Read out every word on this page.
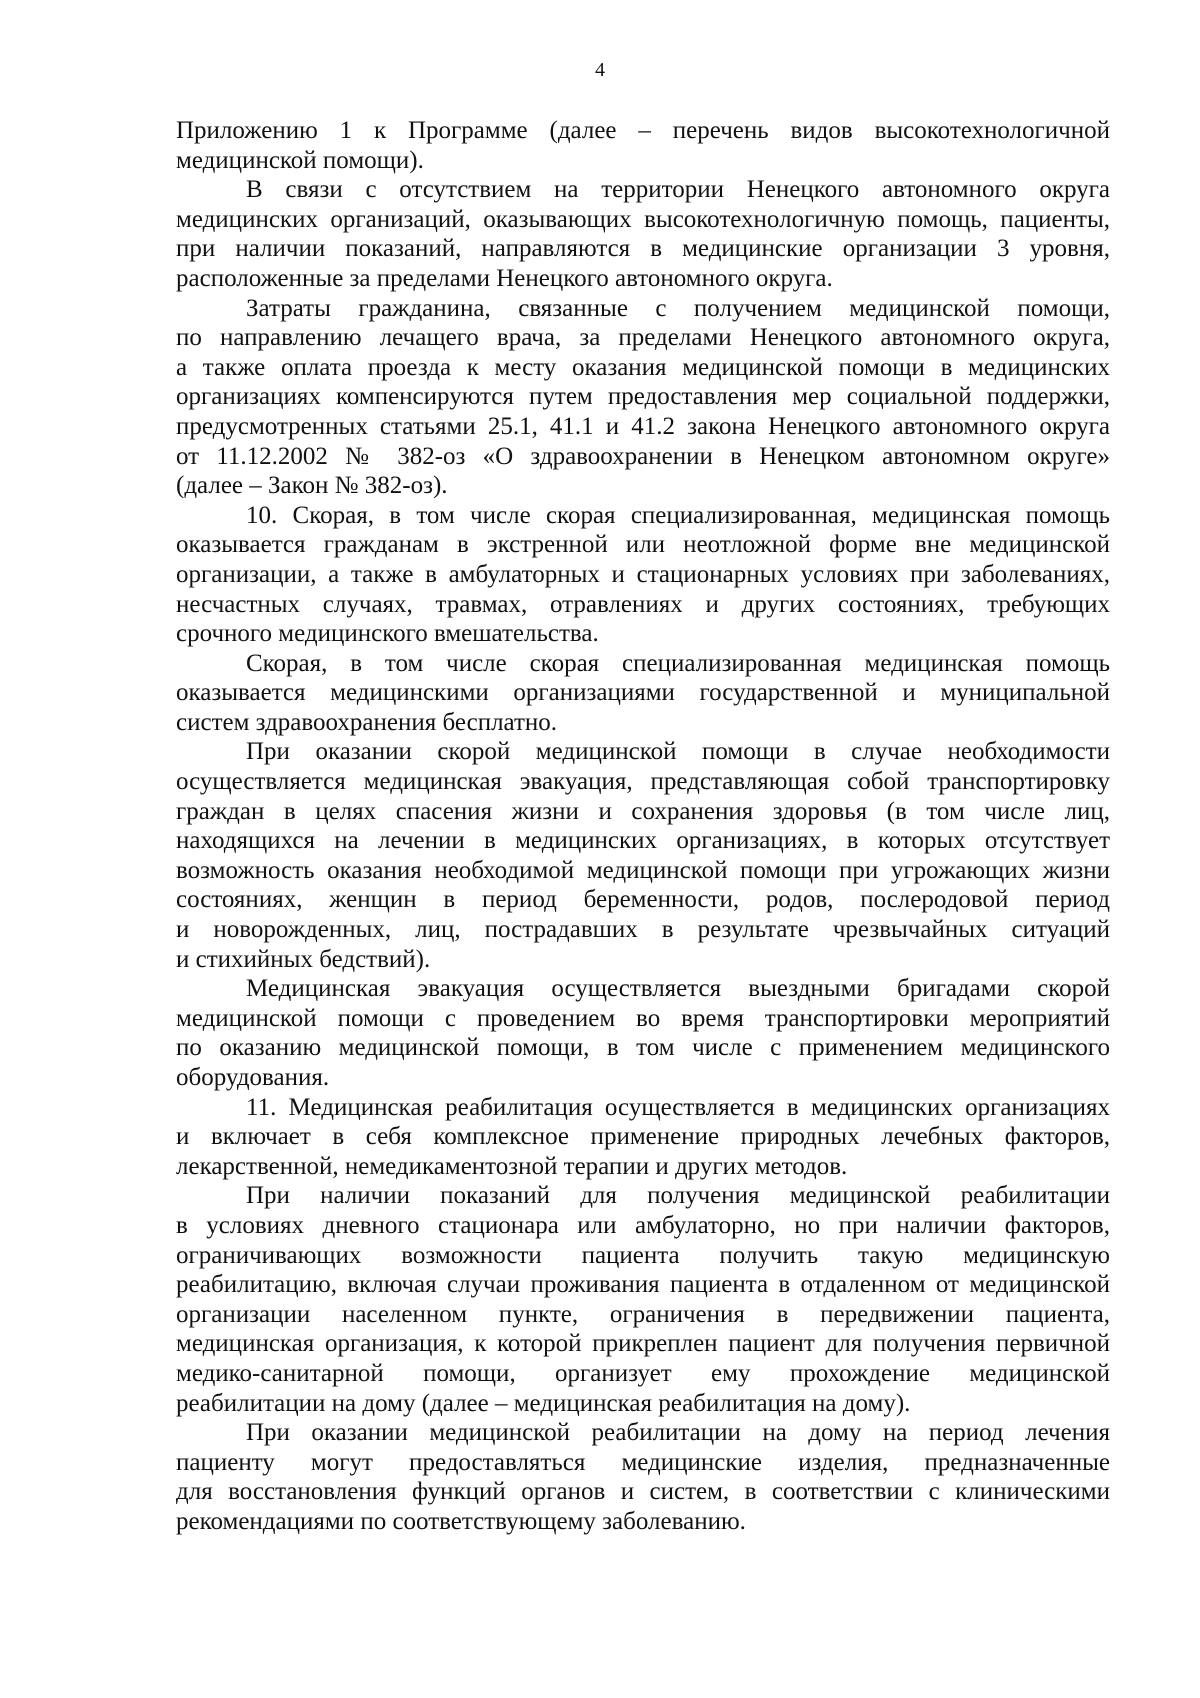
4
Приложению 1 к Программе (далее – перечень видов высокотехнологичной
медицинской помощи).
В связи с отсутствием на территории Ненецкого автономного округа
медицинских организаций, оказывающих высокотехнологичную помощь, пациенты,
при наличии показаний, направляются в медицинские организации 3 уровня,
расположенные за пределами Ненецкого автономного округа.
Затраты гражданина, связанные с получением медицинской помощи,
по направлению лечащего врача, за пределами Ненецкого автономного округа,
а также оплата проезда к месту оказания медицинской помощи в медицинских
организациях компенсируются путем предоставления мер социальной поддержки,
предусмотренных статьями 25.1, 41.1 и 41.2 закона Ненецкого автономного округа
от 11.12.2002 № 382-оз «О здравоохранении в Ненецком автономном округе»
(далее – Закон № 382-оз).
10. Скорая, в том числе скорая специализированная, медицинская помощь
оказывается гражданам в экстренной или неотложной форме вне медицинской
организации, а также в амбулаторных и стационарных условиях при заболеваниях,
несчастных случаях, травмах, отравлениях и других состояниях, требующих
срочного медицинского вмешательства.
Скорая, в том числе скорая специализированная медицинская помощь
оказывается медицинскими организациями государственной и муниципальной
систем здравоохранения бесплатно.
При оказании скорой медицинской помощи в случае необходимости
осуществляется медицинская эвакуация, представляющая собой транспортировку
граждан в целях спасения жизни и сохранения здоровья (в том числе лиц,
находящихся на лечении в медицинских организациях, в которых отсутствует
возможность оказания необходимой медицинской помощи при угрожающих жизни
состояниях, женщин в период беременности, родов, послеродовой период
и новорожденных, лиц, пострадавших в результате чрезвычайных ситуаций
и стихийных бедствий).
Медицинская эвакуация осуществляется выездными бригадами скорой
медицинской помощи с проведением во время транспортировки мероприятий
по оказанию медицинской помощи, в том числе с применением медицинского
оборудования.
11. Медицинская реабилитация осуществляется в медицинских организациях
и включает в себя комплексное применение природных лечебных факторов,
лекарственной, немедикаментозной терапии и других методов.
При наличии показаний для получения медицинской реабилитации
в условиях дневного стационара или амбулаторно, но при наличии факторов,
ограничивающих возможности пациента получить такую медицинскую
реабилитацию, включая случаи проживания пациента в отдаленном от медицинской
организации населенном пункте, ограничения в передвижении пациента,
медицинская организация, к которой прикреплен пациент для получения первичной
медико-санитарной помощи, организует ему прохождение медицинской
реабилитации на дому (далее – медицинская реабилитация на дому).
При оказании медицинской реабилитации на дому на период лечения
пациенту могут предоставляться медицинские изделия, предназначенные
для восстановления функций органов и систем, в соответствии с клиническими
рекомендациями по соответствующему заболеванию.
